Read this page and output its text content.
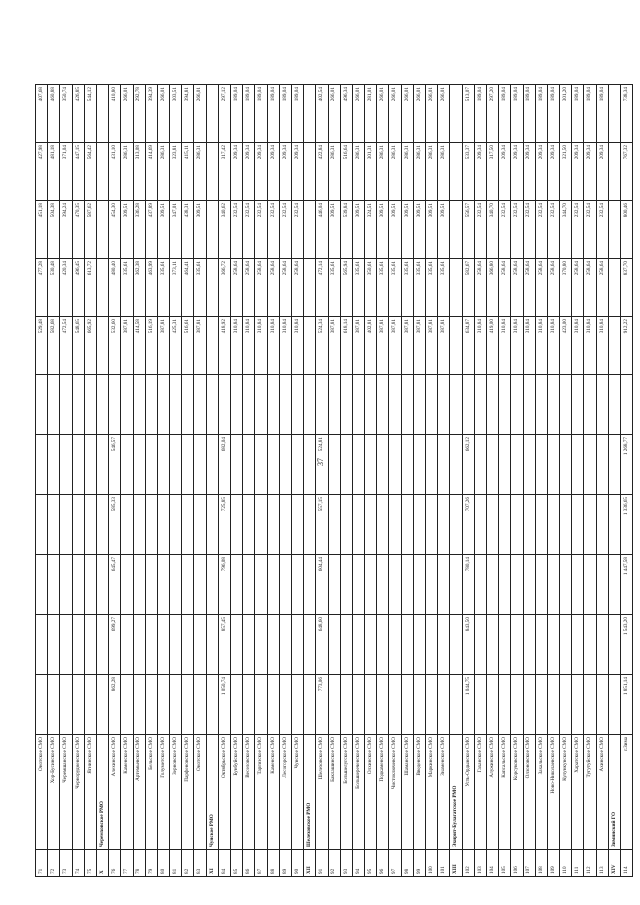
37
71	Онотское СМО							529,48	477,28	451,18	427,98	407,68
72	Хор-Бусинское СМО							582,68	530,48	504,38	481,18	460,88
73	Черемшанское СМО							472,54	420,34	394,24	371,04	350,74
74	Чернорудненское СМО							548,65	496,45	470,35	447,15	426,85
75	Ягнинское СМО							665,92	613,72	587,62	564,42	544,12
X	Черемховское РМО											
76	Алехинское СМО	862,28	699,27	645,47	585,33	546,57		532,60	480,40	454,30	431,10	410,80
77	Каменское СМО							387,81	335,61	309,51	286,31	266,01
78	Артемьевское СМО							414,58	362,38	336,28	313,08	292,78
79	Бельское СМО							516,19	463,99	437,89	414,69	394,39
80	Голуметское СМО							387,81	335,61	309,51	286,31	266,01
81	Зерновское СМО							425,31	373,11	347,01	323,81	303,51
82	Парфеновское СМО							516,61	464,41	438,31	415,11	394,81
83	Онотское СМО							387,81	335,61	309,51	286,31	266,01
XI	Чунское РМО											
84	Октябрьское СМО	1 050,74	857,45	796,08	725,85	682,04		418,92	366,72	340,62	317,42	297,12
85	Бунбуйское СМО							310,84	258,64	232,54	209,34	189,04
86	Веселовское СМО							310,84	258,64	232,54	209,34	189,04
87	Таргизское СМО							310,84	258,64	232,54	209,34	189,04
88	Каменское СМО							310,84	258,64	232,54	209,34	189,04
89	Лесогорское СМО							310,84	258,64	232,54	209,34	189,04
90	Чунское СМО							310,84	258,64	232,54	209,34	189,04
XII	Шелеховское РМО											
91	Шелеховское СМО	773,06	648,60	604,44	557,15	524,81		524,34	472,14	446,04	422,84	402,54
92	Баклашинское СМО							387,81	335,61	309,51	286,31	266,01
93	Большелугское СМО							618,14	565,94	539,84	516,64	496,34
94	Большереченское СМО							387,81	335,61	309,51	286,31	266,01
95	Олхинское СМО							402,81	350,61	324,51	301,31	281,01
96	Подкаменское СМО							387,81	335,61	309,51	286,31	266,01
97	Чистоключевское СМО							387,81	335,61	309,51	286,31	266,01
98	Шаманское СМО							387,81	335,61	309,51	286,31	266,01
99	Введенское СМО							387,81	335,61	309,51	286,31	266,01
100	Маркинское СМО							387,81	335,61	309,51	286,31	266,01
101	Знаменское СМО							387,81	335,61	309,51	286,31	266,01
XIII	Эхирит-Булагатское РМО											
102	Усть-Ордынское СМО	1 044,75	843,50	780,14	707,26	662,12		634,87	582,67	556,57	533,37	513,07
103	Гаханское СМО							310,84	258,64	232,54	209,34	189,04
104	Алужинское СМО							419,00	366,80	340,70	317,50	297,20
105	Капсальское СМО							310,84	258,64	232,54	209,34	189,04
106	Корсуковское СМО							310,84	258,64	232,54	209,34	189,04
107	Олзоновское СМО							310,84	258,64	232,54	209,34	189,04
108	Захальское СМО							310,84	258,64	232,54	209,34	189,04
109	Ново-Николаевское СМО							310,84	258,64	232,54	209,34	189,04
110	Кулункунское СМО							423,00	370,80	344,70	321,50	301,20
111	Харатское СМО							310,84	258,64	232,54	209,34	189,04
112	Тугутуйское СМО							310,84	258,64	232,54	209,34	189,04
113	Ахинское СМО							310,84	258,64	232,54	209,34	189,04
XIV	Зиминский ГО											
114	г.Зима	1 851,14	1 543,20	1 447,58	1 336,65	1 268,77		912,22	837,70	800,46	767,32	738,34
